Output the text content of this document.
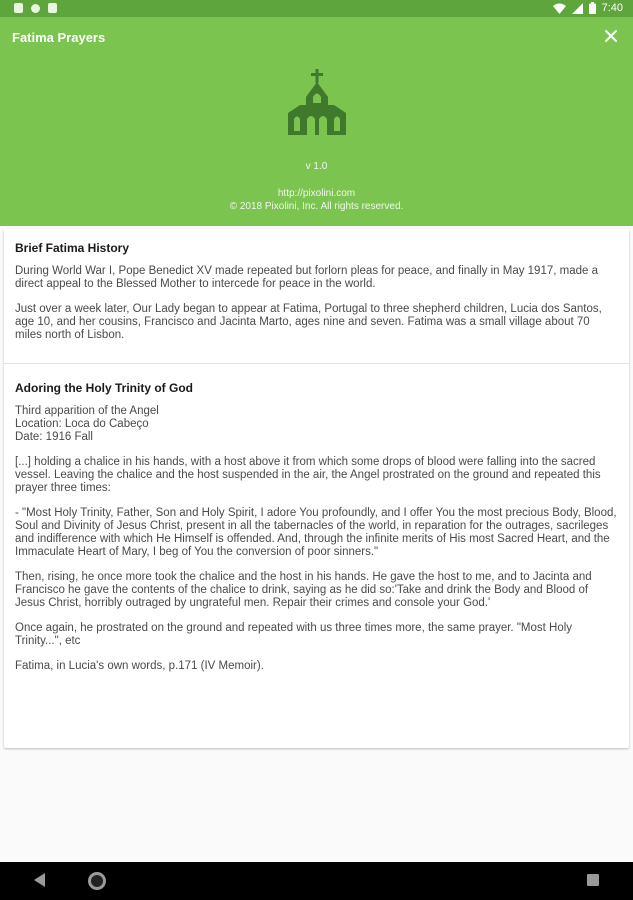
7:40
Fatima Prayers
v 1.0
http://pixolini.com
© 2018 Pixolini, Inc. All rights reserved.
Brief Fatima History

During World War I, Pope Benedict XV made repeated but forlorn pleas for peace, and finally in May 1917, made a direct appeal to the Blessed Mother to intercede for peace in the world.

Just over a week later, Our Lady began to appear at Fatima, Portugal to three shepherd children, Lucia dos Santos, age 10, and her cousins, Francisco and Jacinta Marto, ages nine and seven. Fatima was a small village about 70 miles north of Lisbon.

Adoring the Holy Trinity of God

Third apparition of the Angel
Location: Loca do Cabeço
Date: 1916 Fall

[...] holding a chalice in his hands, with a host above it from which some drops of blood were falling into the sacred vessel. Leaving the chalice and the host suspended in the air, the Angel prostrated on the ground and repeated this prayer three times:

- "Most Holy Trinity, Father, Son and Holy Spirit, I adore You profoundly, and I offer You the most precious Body, Blood, Soul and Divinity of Jesus Christ, present in all the tabernacles of the world, in reparation for the outrages, sacrileges and indifference with which He Himself is offended. And, through the infinite merits of His most Sacred Heart, and the Immaculate Heart of Mary, I beg of You the conversion of poor sinners."

Then, rising, he once more took the chalice and the host in his hands. He gave the host to me, and to Jacinta and Francisco he gave the contents of the chalice to drink, saying as he did so:'Take and drink the Body and Blood of Jesus Christ, horribly outraged by ungrateful men. Repair their crimes and console your God.'

Once again, he prostrated on the ground and repeated with us three times more, the same prayer. "Most Holy Trinity...", etc

Fatima, in Lucia's own words, p.171 (IV Memoir).
